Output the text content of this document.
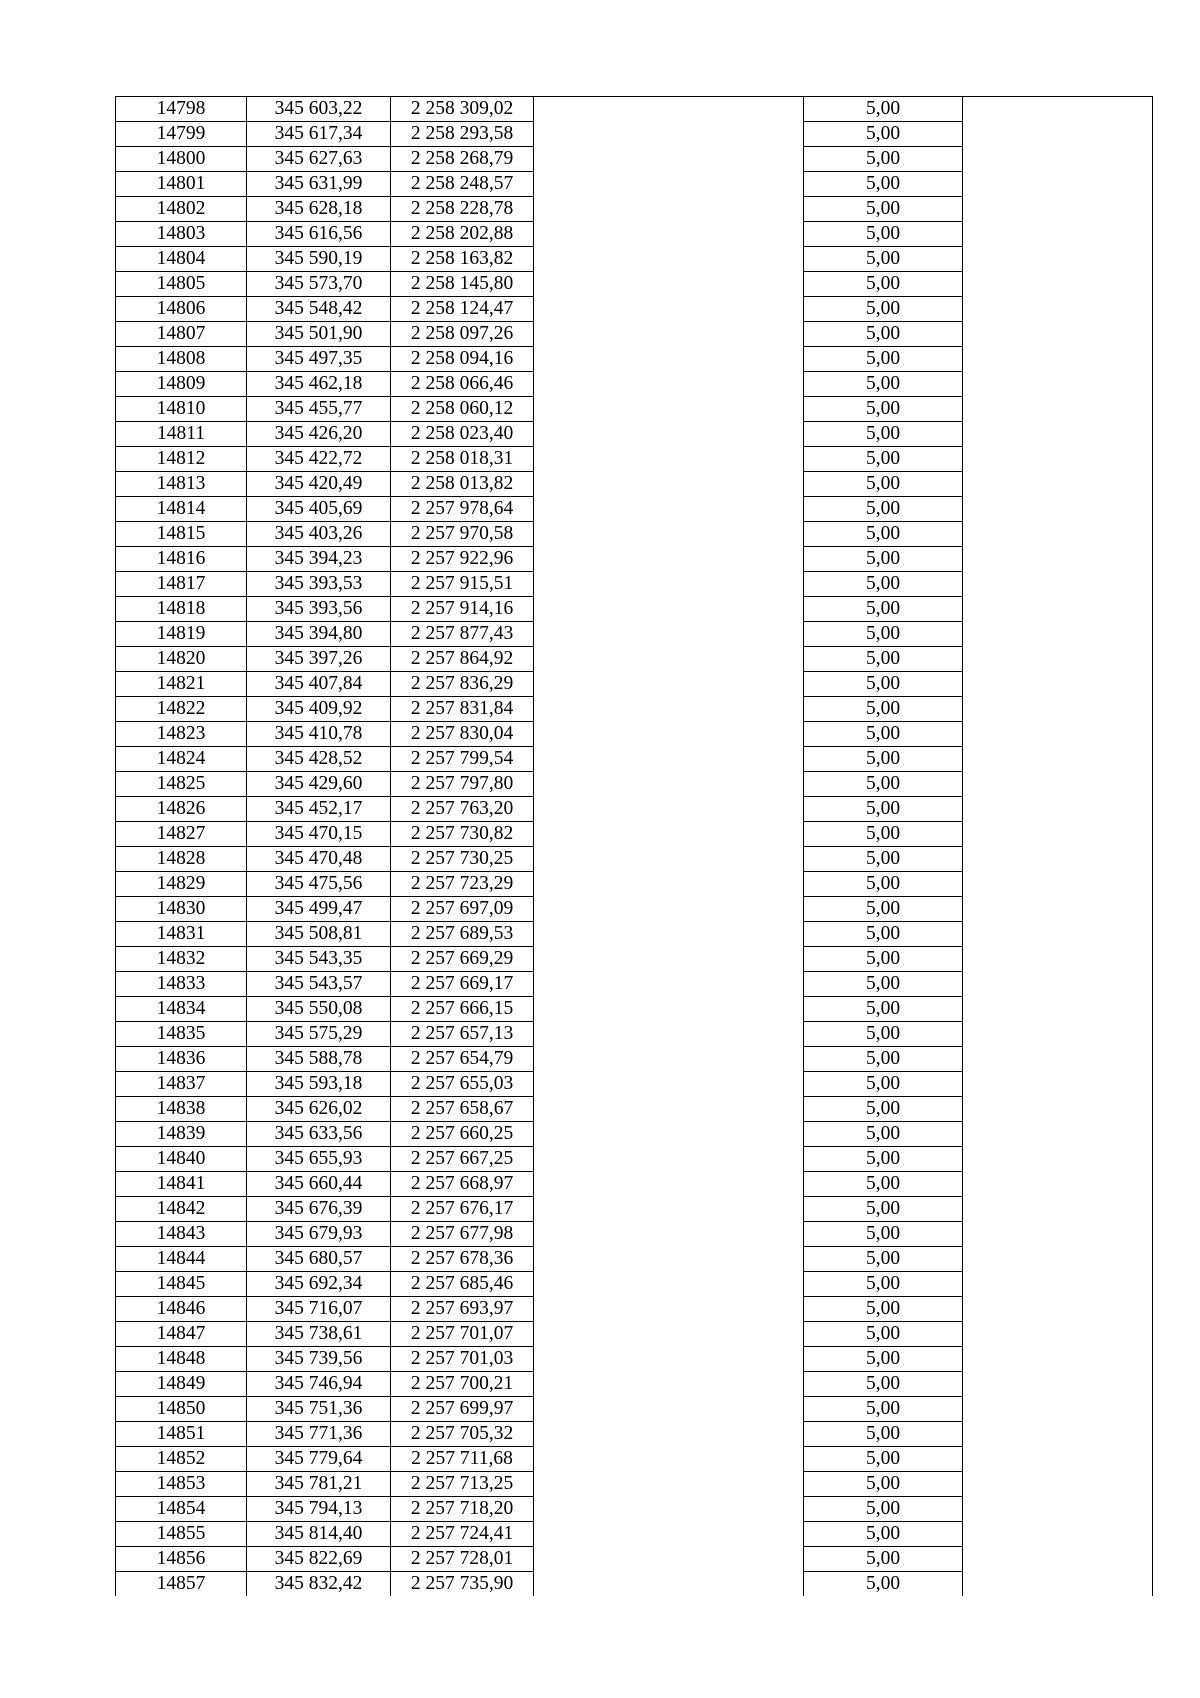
14798	345 603,22	2 258 309,02		5,00	
14799	345 617,34	2 258 293,58		5,00	
14800	345 627,63	2 258 268,79		5,00	
14801	345 631,99	2 258 248,57		5,00	
14802	345 628,18	2 258 228,78		5,00	
14803	345 616,56	2 258 202,88		5,00	
14804	345 590,19	2 258 163,82		5,00	
14805	345 573,70	2 258 145,80		5,00	
14806	345 548,42	2 258 124,47		5,00	
14807	345 501,90	2 258 097,26		5,00	
14808	345 497,35	2 258 094,16		5,00	
14809	345 462,18	2 258 066,46		5,00	
14810	345 455,77	2 258 060,12		5,00	
14811	345 426,20	2 258 023,40		5,00	
14812	345 422,72	2 258 018,31		5,00	
14813	345 420,49	2 258 013,82		5,00	
14814	345 405,69	2 257 978,64		5,00	
14815	345 403,26	2 257 970,58		5,00	
14816	345 394,23	2 257 922,96		5,00	
14817	345 393,53	2 257 915,51		5,00	
14818	345 393,56	2 257 914,16		5,00	
14819	345 394,80	2 257 877,43		5,00	
14820	345 397,26	2 257 864,92		5,00	
14821	345 407,84	2 257 836,29		5,00	
14822	345 409,92	2 257 831,84		5,00	
14823	345 410,78	2 257 830,04		5,00	
14824	345 428,52	2 257 799,54		5,00	
14825	345 429,60	2 257 797,80		5,00	
14826	345 452,17	2 257 763,20		5,00	
14827	345 470,15	2 257 730,82		5,00	
14828	345 470,48	2 257 730,25		5,00	
14829	345 475,56	2 257 723,29		5,00	
14830	345 499,47	2 257 697,09		5,00	
14831	345 508,81	2 257 689,53		5,00	
14832	345 543,35	2 257 669,29		5,00	
14833	345 543,57	2 257 669,17		5,00	
14834	345 550,08	2 257 666,15		5,00	
14835	345 575,29	2 257 657,13		5,00	
14836	345 588,78	2 257 654,79		5,00	
14837	345 593,18	2 257 655,03		5,00	
14838	345 626,02	2 257 658,67		5,00	
14839	345 633,56	2 257 660,25		5,00	
14840	345 655,93	2 257 667,25		5,00	
14841	345 660,44	2 257 668,97		5,00	
14842	345 676,39	2 257 676,17		5,00	
14843	345 679,93	2 257 677,98		5,00	
14844	345 680,57	2 257 678,36		5,00	
14845	345 692,34	2 257 685,46		5,00	
14846	345 716,07	2 257 693,97		5,00	
14847	345 738,61	2 257 701,07		5,00	
14848	345 739,56	2 257 701,03		5,00	
14849	345 746,94	2 257 700,21		5,00	
14850	345 751,36	2 257 699,97		5,00	
14851	345 771,36	2 257 705,32		5,00	
14852	345 779,64	2 257 711,68		5,00	
14853	345 781,21	2 257 713,25		5,00	
14854	345 794,13	2 257 718,20		5,00	
14855	345 814,40	2 257 724,41		5,00	
14856	345 822,69	2 257 728,01		5,00	
14857	345 832,42	2 257 735,90		5,00	
